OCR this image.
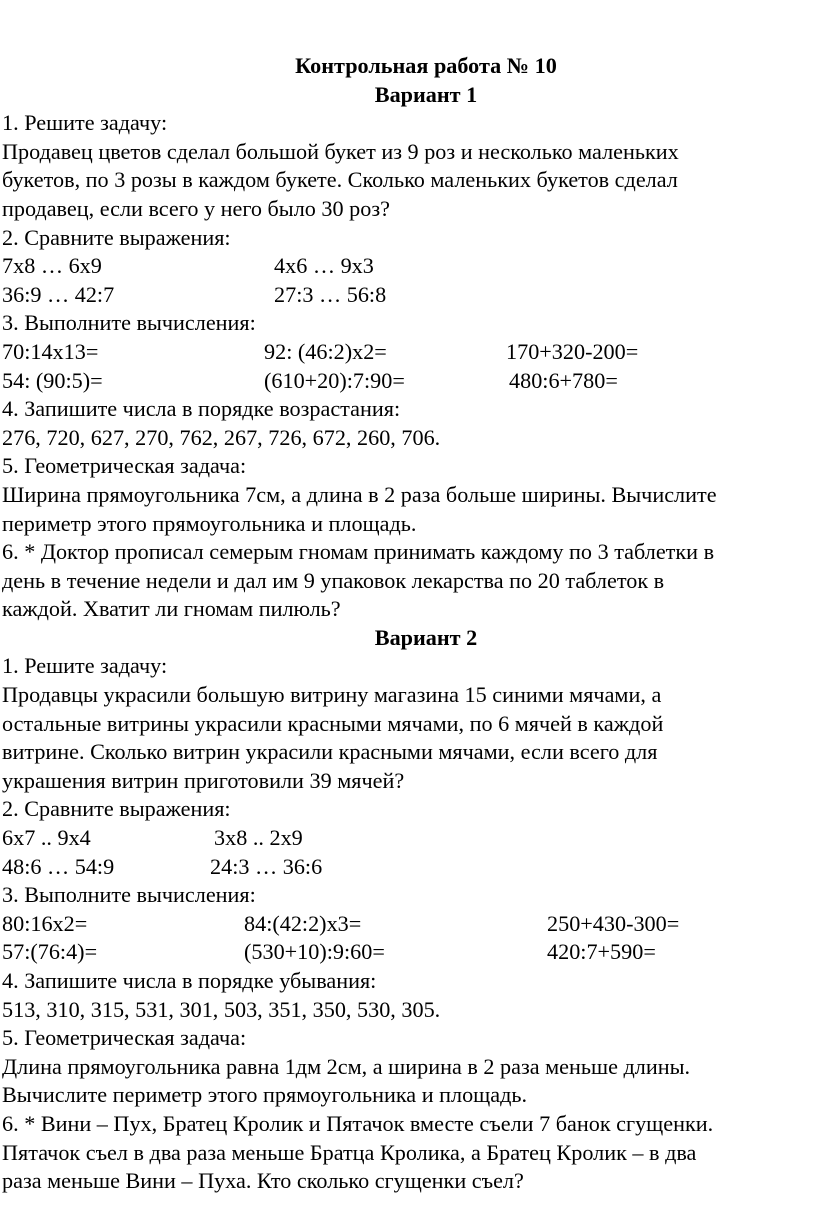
Контрольная работа № 10
Вариант 1
1. Решите задачу:
Продавец цветов сделал большой букет из 9 роз и несколько маленьких
букетов, по 3 розы в каждом букете. Сколько маленьких букетов сделал
продавец, если всего у него было 30 роз?
2. Сравните выражения:
7х8 … 6х9	4х6 … 9х3
36:9 … 42:7	27:3 … 56:8
3. Выполните вычисления:
70:14х13=	92: (46:2)х2=	170+320-200=
54: (90:5)=	(610+20):7:90=	480:6+780=
4. Запишите числа в порядке возрастания:
276, 720, 627, 270, 762, 267, 726, 672, 260, 706.
5. Геометрическая задача:
Ширина прямоугольника 7см, а длина в 2 раза больше ширины. Вычислите
периметр этого прямоугольника и площадь.
6. * Доктор прописал семерым гномам принимать каждому по 3 таблетки в
день в течение недели и дал им 9 упаковок лекарства по 20 таблеток в
каждой. Хватит ли гномам пилюль?
Вариант 2
1. Решите задачу:
Продавцы украсили большую витрину магазина 15 синими мячами, а
остальные витрины украсили красными мячами, по 6 мячей в каждой
витрине. Сколько витрин украсили красными мячами, если всего для
украшения витрин приготовили 39 мячей?
2. Сравните выражения:
6х7 .. 9х4	3х8 .. 2х9
48:6 … 54:9	24:3 … 36:6
3. Выполните вычисления:
80:16х2=	84:(42:2)х3=	250+430-300=
57:(76:4)=	(530+10):9:60=	420:7+590=
4. Запишите числа в порядке убывания:
513, 310, 315, 531, 301, 503, 351, 350, 530, 305.
5. Геометрическая задача:
Длина прямоугольника равна 1дм 2см, а ширина в 2 раза меньше длины.
Вычислите периметр этого прямоугольника и площадь.
6. * Вини – Пух, Братец Кролик и Пятачок вместе съели 7 банок сгущенки.
Пятачок съел в два раза меньше Братца Кролика, а Братец Кролик – в два
раза меньше Вини – Пуха. Кто сколько сгущенки съел?
